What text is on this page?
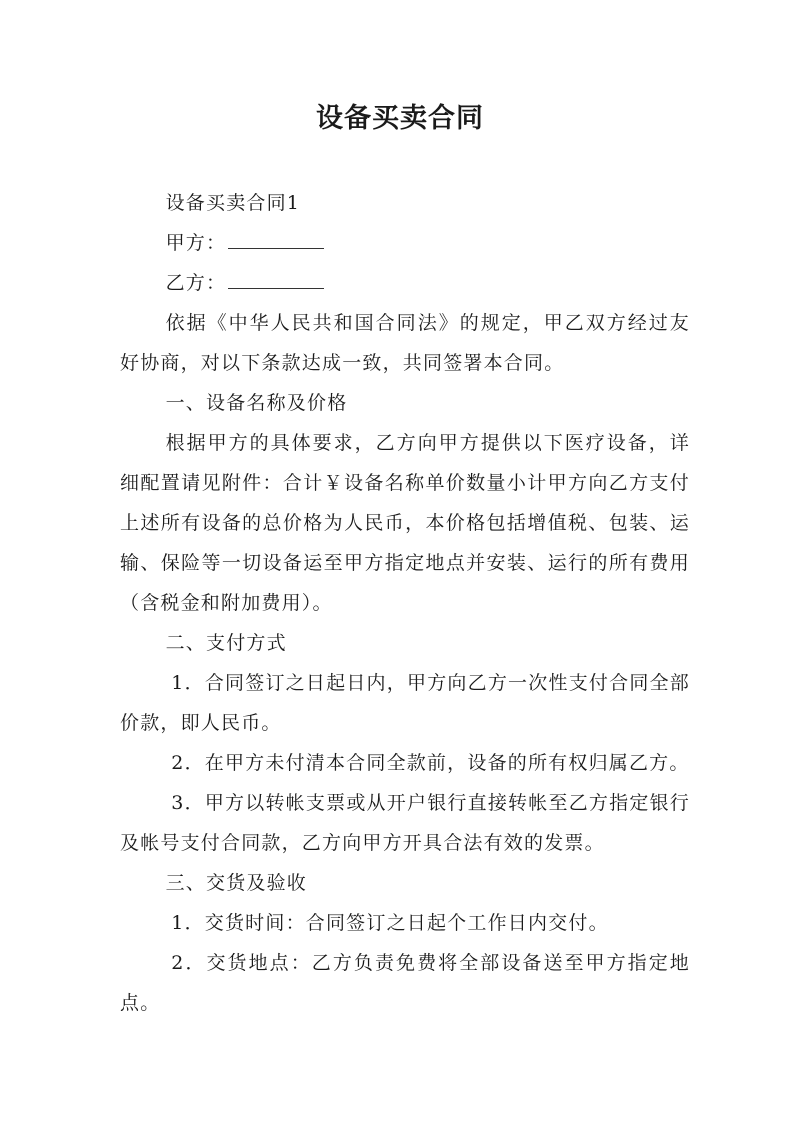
设备买卖合同

设备买卖合同1

甲方：

乙方：

依据《中华人民共和国合同法》的规定，甲乙双方经过友好协商，对以下条款达成一致，共同签署本合同。

一、设备名称及价格

根据甲方的具体要求，乙方向甲方提供以下医疗设备，详细配置请见附件：合计￥设备名称单价数量小计甲方向乙方支付上述所有设备的总价格为人民币，本价格包括增值税、包装、运输、保险等一切设备运至甲方指定地点并安装、运行的所有费用（含税金和附加费用）。

二、支付方式

1．合同签订之日起日内，甲方向乙方一次性支付合同全部价款，即人民币。

2．在甲方未付清本合同全款前，设备的所有权归属乙方。

3．甲方以转帐支票或从开户银行直接转帐至乙方指定银行及帐号支付合同款，乙方向甲方开具合法有效的发票。

三、交货及验收

1．交货时间：合同签订之日起个工作日内交付。

2．交货地点：乙方负责免费将全部设备送至甲方指定地点。
